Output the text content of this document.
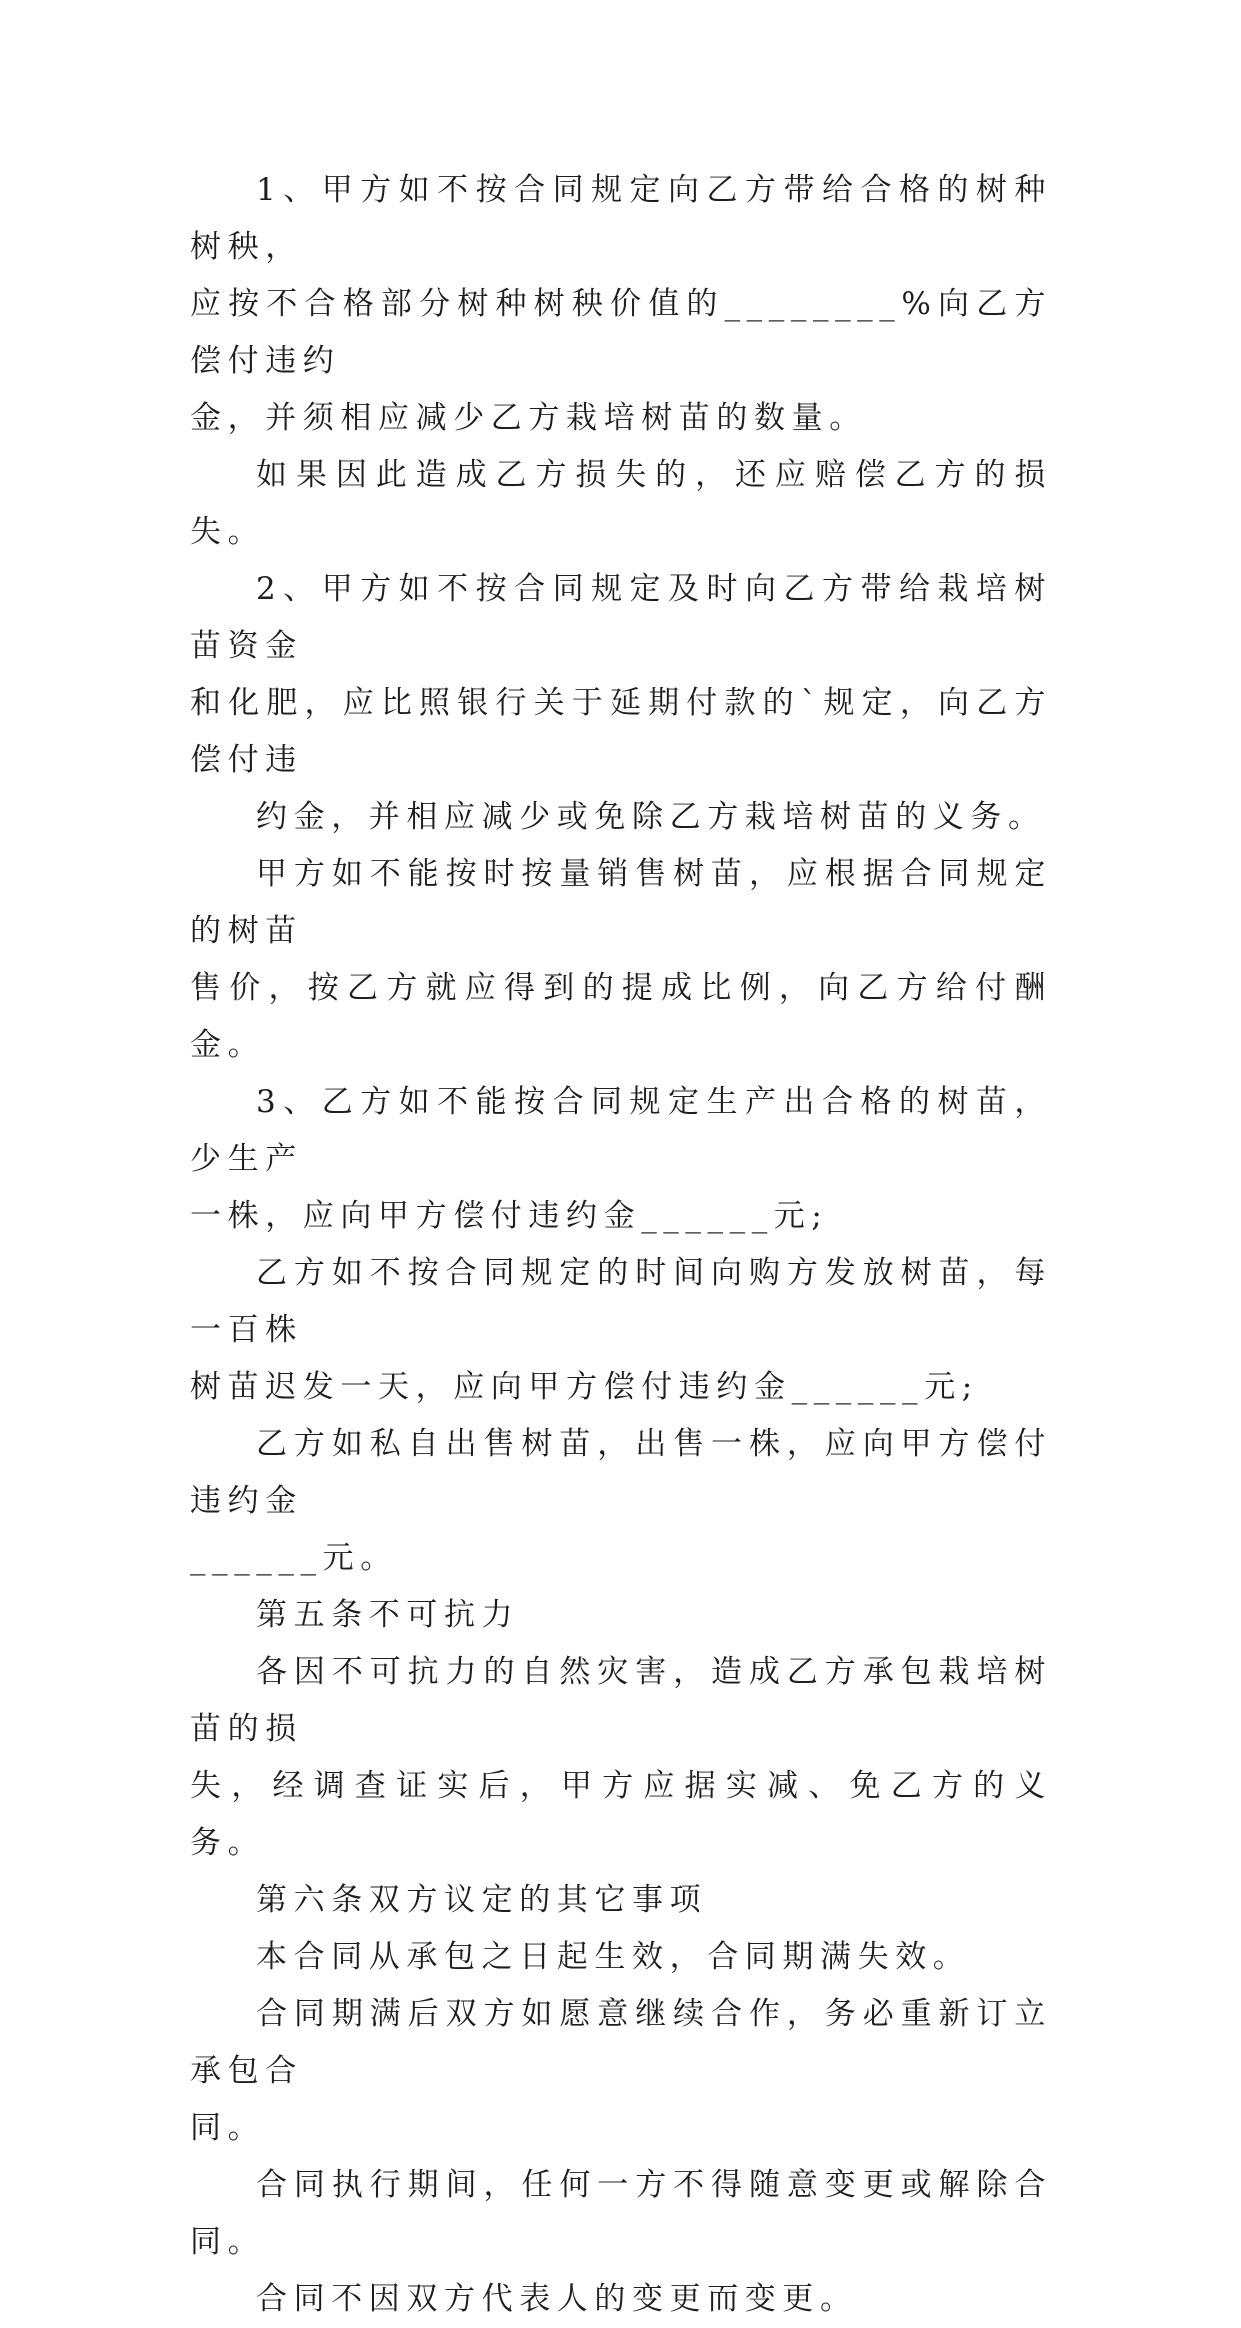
1、甲方如不按合同规定向乙方带给合格的树种树秧，
应按不合格部分树种树秧价值的________%向乙方偿付违约
金，并须相应减少乙方栽培树苗的数量。
如果因此造成乙方损失的，还应赔偿乙方的损失。
2、甲方如不按合同规定及时向乙方带给栽培树苗资金
和化肥，应比照银行关于延期付款的`规定，向乙方偿付违
约金，并相应减少或免除乙方栽培树苗的义务。
甲方如不能按时按量销售树苗，应根据合同规定的树苗
售价，按乙方就应得到的提成比例，向乙方给付酬金。
3、乙方如不能按合同规定生产出合格的树苗，少生产
一株，应向甲方偿付违约金______元;
乙方如不按合同规定的时间向购方发放树苗，每一百株
树苗迟发一天，应向甲方偿付违约金______元;
乙方如私自出售树苗，出售一株，应向甲方偿付违约金
______元。
第五条不可抗力
各因不可抗力的自然灾害，造成乙方承包栽培树苗的损
失，经调查证实后，甲方应据实减、免乙方的义务。
第六条双方议定的其它事项
本合同从承包之日起生效，合同期满失效。
合同期满后双方如愿意继续合作，务必重新订立承包合
同。
合同执行期间，任何一方不得随意变更或解除合同。
合同不因双方代表人的变更而变更。
